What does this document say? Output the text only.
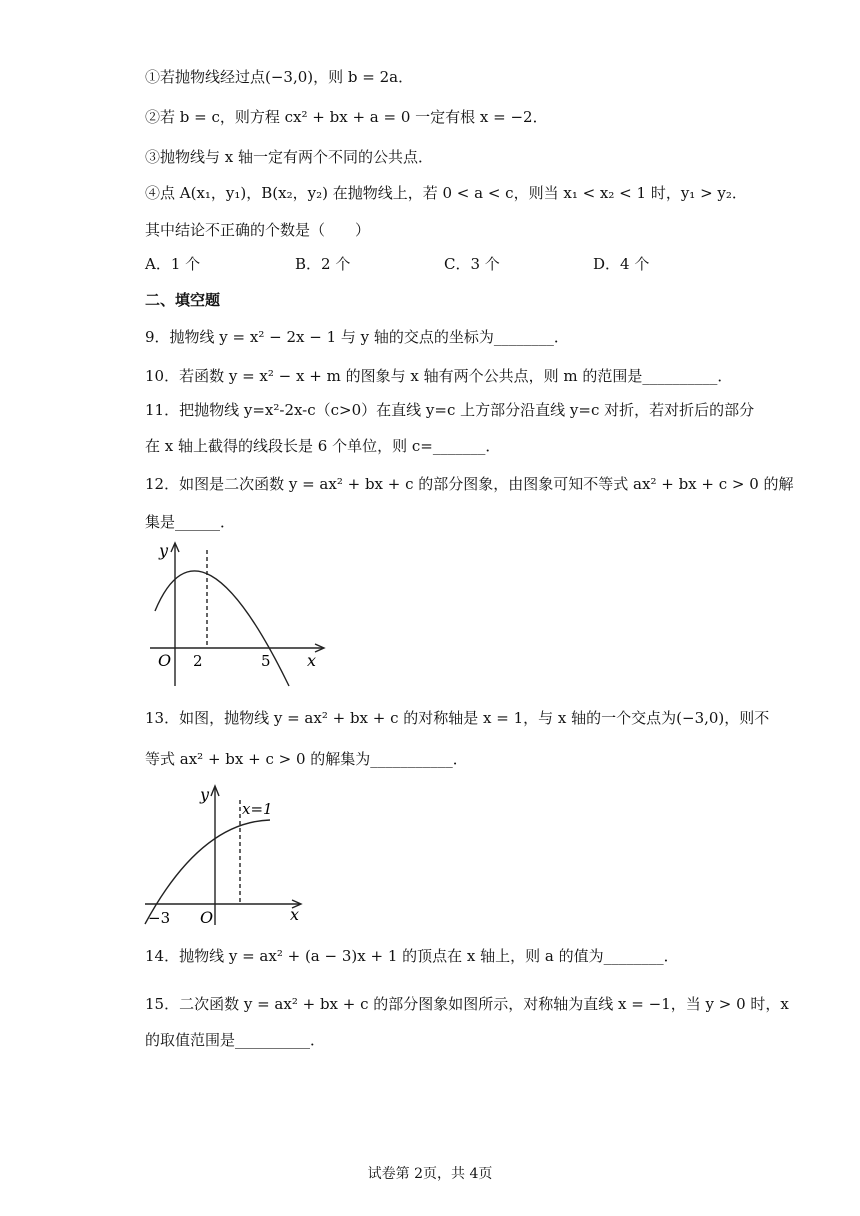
①若抛物线经过点(−3,0)，则 b = 2a．
②若 b = c，则方程 cx² + bx + a = 0 一定有根 x = −2．
③抛物线与 x 轴一定有两个不同的公共点．
④点 A(x₁，y₁)，B(x₂，y₂) 在抛物线上，若 0 < a < c，则当 x₁ < x₂ < 1 时，y₁ > y₂．
其中结论不正确的个数是（　　）
A．1 个	B．2 个	C．3 个	D．4 个
二、填空题
9．抛物线 y = x² − 2x − 1 与 y 轴的交点的坐标为________．
10．若函数 y = x² − x + m 的图象与 x 轴有两个公共点，则 m 的范围是__________．
11．把抛物线 y=x²-2x-c（c>0）在直线 y=c 上方部分沿直线 y=c 对折，若对折后的部分
在 x 轴上截得的线段长是 6 个单位，则 c=_______．
12．如图是二次函数 y = ax² + bx + c 的部分图象，由图象可知不等式 ax² + bx + c > 0 的解
集是______．
y
x
O 2	5
13．如图，抛物线 y = ax² + bx + c 的对称轴是 x = 1，与 x 轴的一个交点为(−3,0)，则不
等式 ax² + bx + c > 0 的解集为___________．
y
x
O
−3
x=1
14．抛物线 y = ax² + (a − 3)x + 1 的顶点在 x 轴上，则 a 的值为________．
15．二次函数 y = ax² + bx + c 的部分图象如图所示，对称轴为直线 x = −1，当 y > 0 时，x
的取值范围是__________．
试卷第 2页，共 4页
